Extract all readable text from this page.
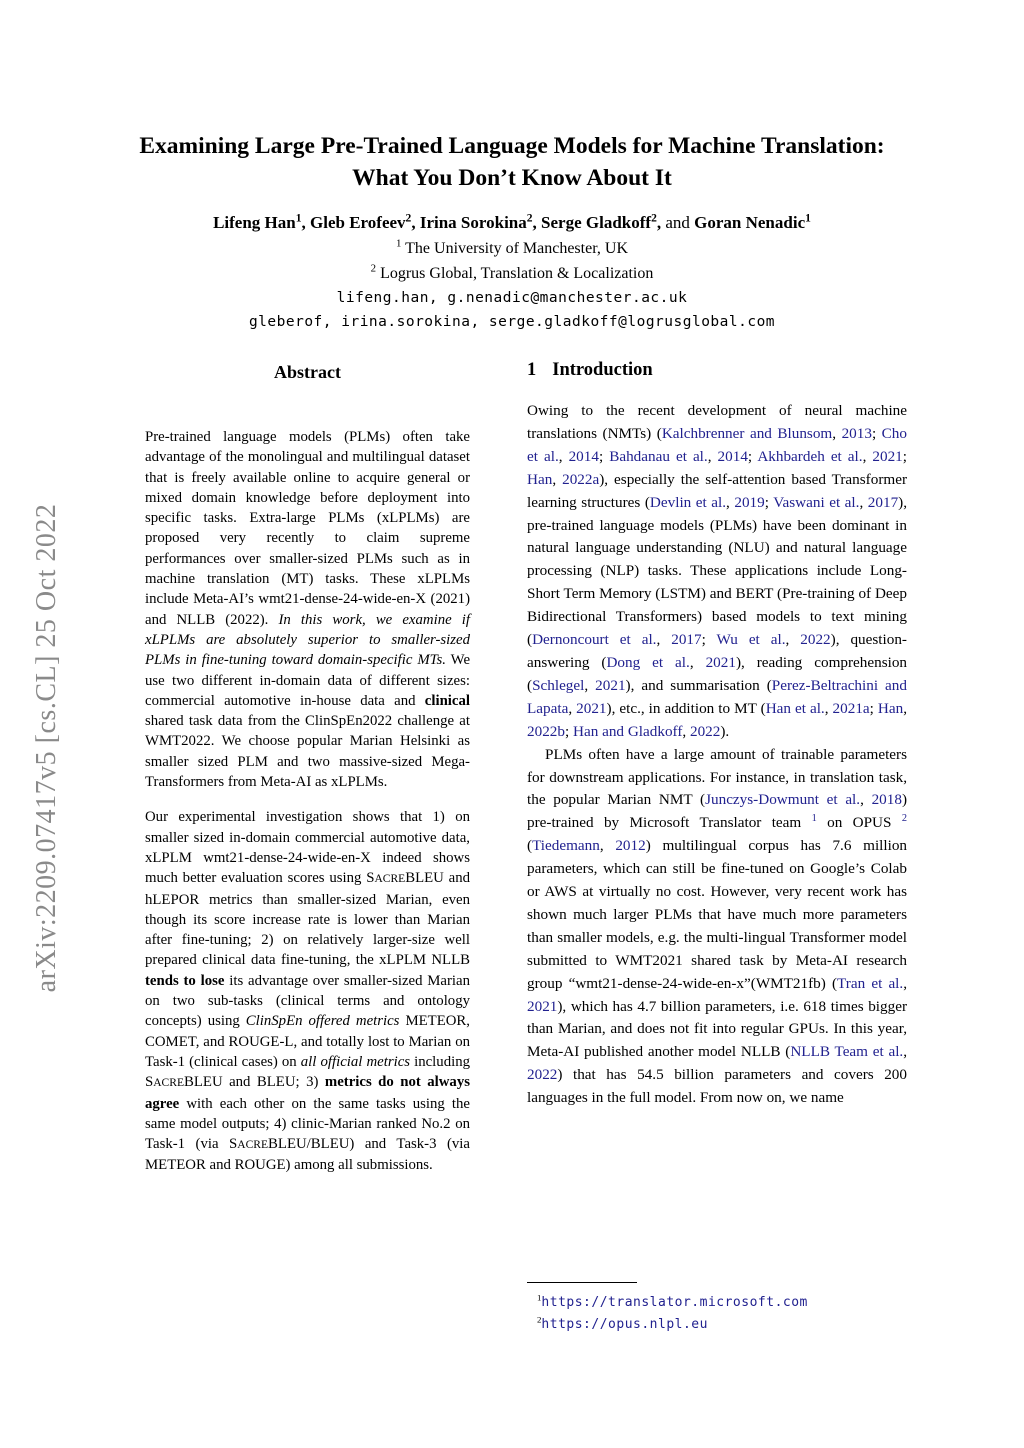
arXiv:2209.07417v5 [cs.CL] 25 Oct 2022
Examining Large Pre-Trained Language Models for Machine Translation:
What You Don’t Know About It
Lifeng Han$^1$, Gleb Erofeev$^2$, Irina Sorokina$^2$, Serge Gladkoff$^2$, and Goran Nenadic$^1$
$^1$ The University of Manchester, UK
$^2$ Logrus Global, Translation & Localization
lifeng.han, g.nenadic@manchester.ac.uk
gleberof, irina.sorokina, serge.gladkoff@logrusglobal.com
Abstract

Pre-trained language models (PLMs) often take advantage of the monolingual and multilingual dataset that is freely available online to acquire general or mixed domain knowledge before deployment into specific tasks. Extra-large PLMs (xLPLMs) are proposed very recently to claim supreme performances over smaller-sized PLMs such as in machine translation (MT) tasks. These xLPLMs include Meta-AI’s wmt21-dense-24-wide-en-X (2021) and NLLB (2022). In this work, we examine if xLPLMs are absolutely superior to smaller-sized PLMs in fine-tuning toward domain-specific MTs. We use two different in-domain data of different sizes: commercial automotive in-house data and clinical shared task data from the ClinSpEn2022 challenge at WMT2022. We choose popular Marian Helsinki as smaller sized PLM and two massive-sized Mega-Transformers from Meta-AI as xLPLMs.

Our experimental investigation shows that 1) on smaller sized in-domain commercial automotive data, xLPLM wmt21-dense-24-wide-en-X indeed shows much better evaluation scores using SACREBLEU and hLEPOR metrics than smaller-sized Marian, even though its score increase rate is lower than Marian after fine-tuning; 2) on relatively larger-size well prepared clinical data fine-tuning, the xLPLM NLLB tends to lose its advantage over smaller-sized Marian on two sub-tasks (clinical terms and ontology concepts) using ClinSpEn offered metrics METEOR, COMET, and ROUGE-L, and totally lost to Marian on Task-1 (clinical cases) on all official metrics including SACREBLEU and BLEU; 3) metrics do not always agree with each other on the same tasks using the same model outputs; 4) clinic-Marian ranked No.2 on Task-1 (via SACREBLEU/BLEU) and Task-3 (via METEOR and ROUGE) among all submissions.

1 Introduction

Owing to the recent development of neural machine translations (NMTs) (Kalchbrenner and Blunsom, 2013; Cho et al., 2014; Bahdanau et al., 2014; Akhbardeh et al., 2021; Han, 2022a), especially the self-attention based Transformer learning structures (Devlin et al., 2019; Vaswani et al., 2017), pre-trained language models (PLMs) have been dominant in natural language understanding (NLU) and natural language processing (NLP) tasks. These applications include Long-Short Term Memory (LSTM) and BERT (Pre-training of Deep Bidirectional Transformers) based models to text mining (Dernoncourt et al., 2017; Wu et al., 2022), question-answering (Dong et al., 2021), reading comprehension (Schlegel, 2021), and summarisation (Perez-Beltrachini and Lapata, 2021), etc., in addition to MT (Han et al., 2021a; Han, 2022b; Han and Gladkoff, 2022).

PLMs often have a large amount of trainable parameters for downstream applications. For instance, in translation task, the popular Marian NMT (Junczys-Dowmunt et al., 2018) pre-trained by Microsoft Translator team $^1$ on OPUS $^2$ (Tiedemann, 2012) multilingual corpus has 7.6 million parameters, which can still be fine-tuned on Google’s Colab or AWS at virtually no cost. However, very recent work has shown much larger PLMs that have much more parameters than smaller models, e.g. the multi-lingual Transformer model submitted to WMT2021 shared task by Meta-AI research group “wmt21-dense-24-wide-en-x”(WMT21fb) (Tran et al., 2021), which has 4.7 billion parameters, i.e. 618 times bigger than Marian, and does not fit into regular GPUs. In this year, Meta-AI published another model NLLB (NLLB Team et al., 2022) that has 54.5 billion parameters and covers 200 languages in the full model. From now on, we name

$^1$https://translator.microsoft.com
$^2$https://opus.nlpl.eu
